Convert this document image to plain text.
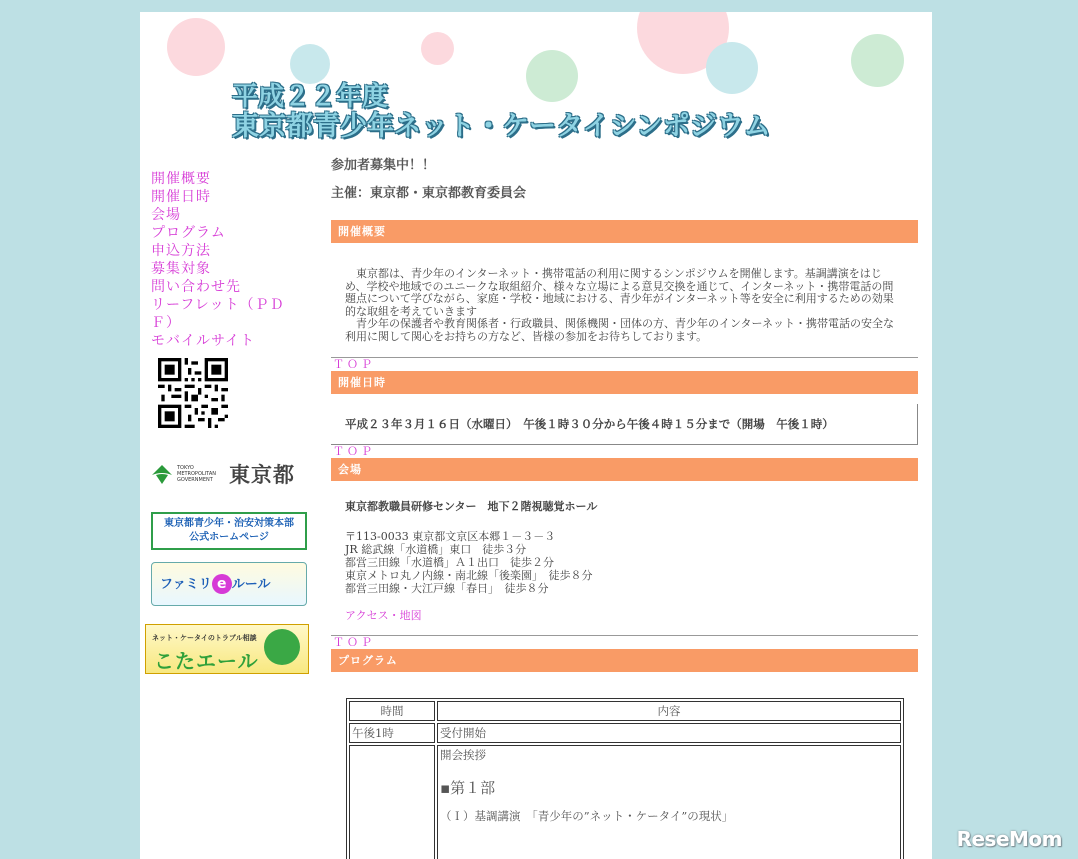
平成２２年度
東京都青少年ネット・ケータイシンポジウム
開催概要
開催日時
会場
プログラム
申込方法
募集対象
問い合わせ先
リーフレット（ＰＤＦ）
モバイルサイト
TOKYO METROPOLITAN GOVERNMENT 東京都
東京都青少年・治安対策本部
公式ホームページ
ファミリ e ルール
ネット・ケータイのトラブル相談
こたエール
参加者募集中！！
主催：東京都・東京都教育委員会
開催概要
　東京都は、青少年のインターネット・携帯電話の利用に関するシンポジウムを開催します。基調講演をはじめ、学校や地域でのユニークな取組紹介、様々な立場による意見交換を通じて、インターネット・携帯電話の問題点について学びながら、家庭・学校・地域における、青少年がインターネット等を安全に利用するための効果的な取組を考えていきます
　青少年の保護者や教育関係者・行政職員、関係機関・団体の方、青少年のインターネット・携帯電話の安全な利用に関して関心をお持ちの方など、皆様の参加をお待ちしております。
ＴＯＰ
開催日時
平成２３年３月１６日（水曜日）　午後１時３０分から午後４時１５分まで（開場　午後１時）
ＴＯＰ
会場
東京都教職員研修センター　地下２階視聴覚ホール
〒113-0033 東京都文京区本郷１－３－３
JR 総武線「水道橋」東口　徒歩３分
都営三田線「水道橋」Ａ１出口　徒歩２分
東京メトロ丸ノ内線・南北線「後楽園」　徒歩８分
都営三田線・大江戸線「春日」　徒歩８分
アクセス・地図
ＴＯＰ
プログラム
時間	内容
午後1時	受付開始

	開会挨拶
▪第１部
（Ｉ）基調講演　「青少年の”ネット・ケータイ”の現状」
ReseMom
